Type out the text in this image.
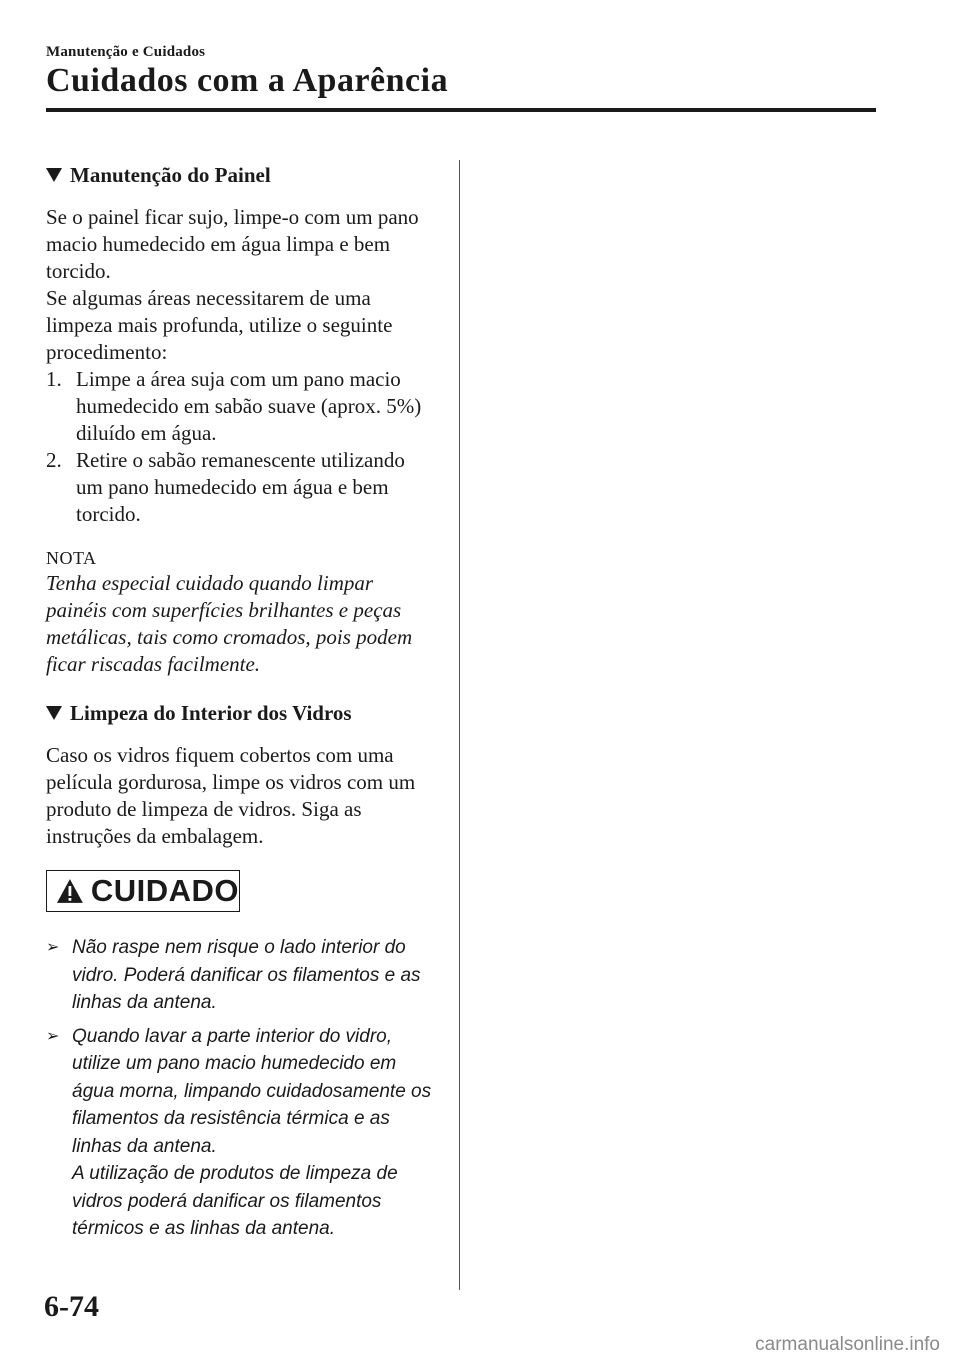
Manutenção e Cuidados
Cuidados com a Aparência
Manutenção do Painel

Se o painel ficar sujo, limpe-o com um pano macio humedecido em água limpa e bem torcido.

Se algumas áreas necessitarem de uma limpeza mais profunda, utilize o seguinte procedimento:

1. Limpe a área suja com um pano macio humedecido em sabão suave (aprox. 5%) diluído em água.
2. Retire o sabão remanescente utilizando um pano humedecido em água e bem torcido.

NOTA

Tenha especial cuidado quando limpar painéis com superfícies brilhantes e peças metálicas, tais como cromados, pois podem ficar riscadas facilmente.

Limpeza do Interior dos Vidros

Caso os vidros fiquem cobertos com uma película gordurosa, limpe os vidros com um produto de limpeza de vidros. Siga as instruções da embalagem.

CUIDADO
➢ Não raspe nem risque o lado interior do vidro. Poderá danificar os filamentos e as linhas da antena.

➢ Quando lavar a parte interior do vidro, utilize um pano macio humedecido em água morna, limpando cuidadosamente os filamentos da resistência térmica e as linhas da antena.

A utilização de produtos de limpeza de vidros poderá danificar os filamentos térmicos e as linhas da antena.

6-74
carmanualsonline.info
